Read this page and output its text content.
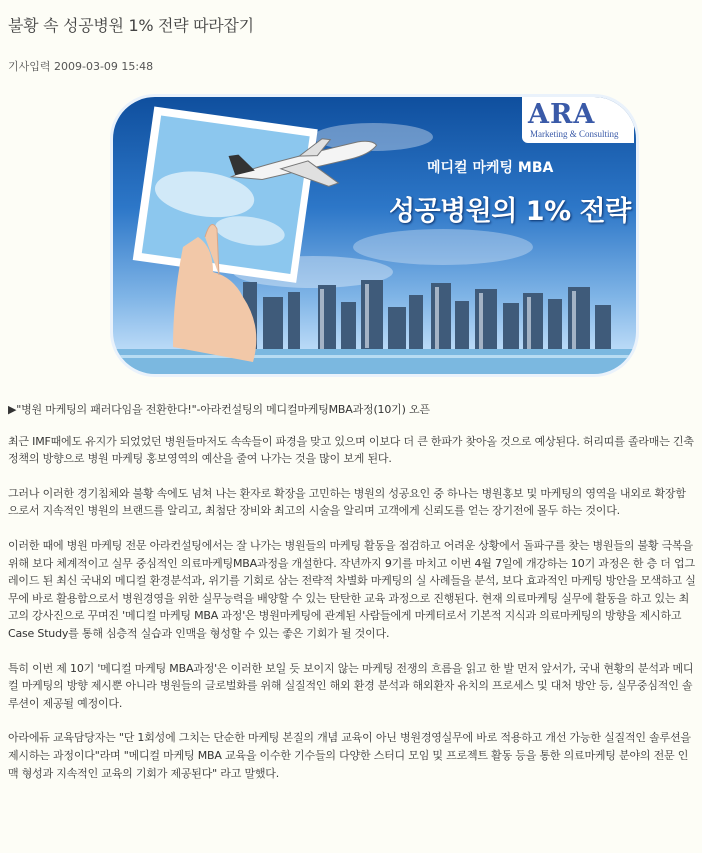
불황 속 성공병원 1% 전략 따라잡기
기사입력 2009-03-09 15:48
ARA
Marketing & Consulting
메디컬 마케팅 MBA
성공병원의 1% 전략

▶"병원 마케팅의 패러다임을 전환한다!"-아라컨설팅의 메디컬마케팅MBA과정(10기) 오픈

최근 IMF때에도 유지가 되었었던 병원들마저도 속속들이 파경을 맞고 있으며 이보다 더 큰 한파가 찾아올 것으로 예상된다. 허리띠를 졸라매는 긴축정책의 방향으로 병원 마케팅 홍보영역의 예산을 줄여 나가는 것을 많이 보게 된다.

그러나 이러한 경기침체와 불황 속에도 넘쳐 나는 환자로 확장을 고민하는 병원의 성공요인 중 하나는 병원홍보 및 마케팅의 영역을 내외로 확장함으로서 지속적인 병원의 브랜드를 알리고, 최첨단 장비와 최고의 시술을 알리며 고객에게 신뢰도를 얻는 장기전에 몰두 하는 것이다.

이러한 때에 병원 마케팅 전문 아라컨설팅에서는 잘 나가는 병원들의 마케팅 활동을 점검하고 어려운 상황에서 돌파구를 찾는 병원들의 불황 극복을 위해 보다 체계적이고 실무 중심적인 의료마케팅MBA과정을 개설한다. 작년까지 9기를 마치고 이번 4월 7일에 개강하는 10기 과정은 한 층 더 업그레이드 된 최신 국내외 메디컬 환경분석과, 위기를 기회로 삼는 전략적 차별화 마케팅의 실 사례들을 분석, 보다 효과적인 마케팅 방안을 모색하고 실무에 바로 활용함으로서 병원경영을 위한 실무능력을 배양할 수 있는 탄탄한 교육 과정으로 진행된다. 현재 의료마케팅 실무에 활동을 하고 있는 최고의 강사진으로 꾸며진 '메디컬 마케팅 MBA 과정'은 병원마케팅에 관계된 사람들에게 마케터로서 기본적 지식과 의료마케팅의 방향을 제시하고 Case Study를 통해 심층적 실습과 인맥을 형성할 수 있는 좋은 기회가 될 것이다.

특히 이번 제 10기 '메디컬 마케팅 MBA과정'은 이러한 보일 듯 보이지 않는 마케팅 전쟁의 흐름을 읽고 한 발 먼저 앞서가, 국내 현황의 분석과 메디컬 마케팅의 방향 제시뿐 아니라 병원들의 글로벌화를 위해 실질적인 해외 환경 분석과 해외환자 유치의 프로세스 및 대처 방안 등, 실무중심적인 솔루션이 제공될 예정이다.

아라에듀 교육담당자는 "단 1회성에 그치는 단순한 마케팅 본질의 개념 교육이 아닌 병원경영실무에 바로 적용하고 개선 가능한 실질적인 솔루션을 제시하는 과정이다"라며 "메디컬 마케팅 MBA 교육을 이수한 기수들의 다양한 스터디 모임 및 프로젝트 활동 등을 통한 의료마케팅 분야의 전문 인맥 형성과 지속적인 교육의 기회가 제공된다" 라고 말했다.
